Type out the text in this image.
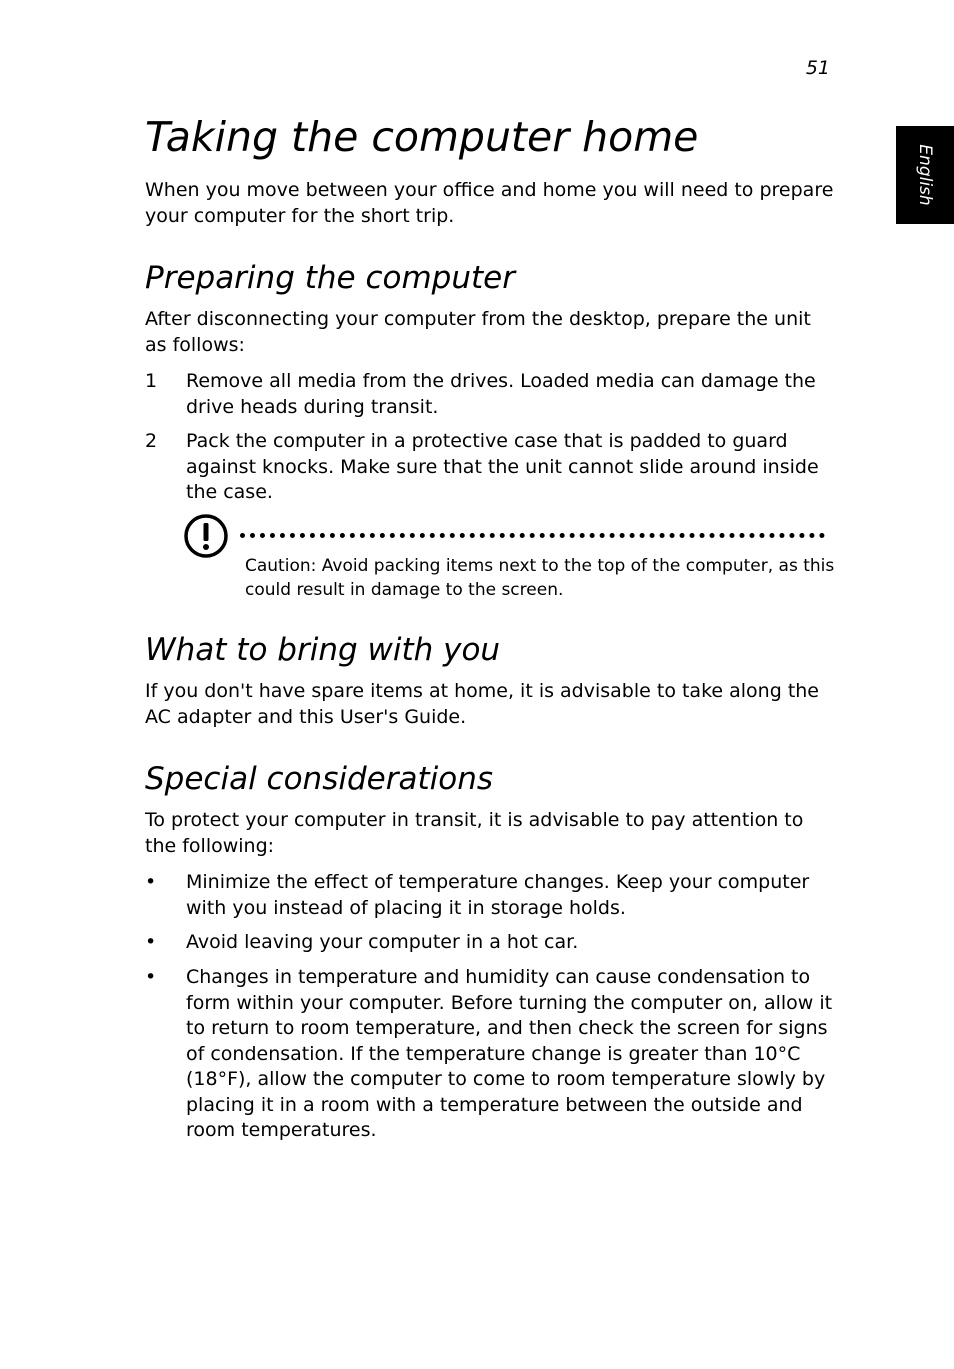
51
English
Taking the computer home

When you move between your office and home you will need to prepare your computer for the short trip.

Preparing the computer

After disconnecting your computer from the desktop, prepare the unit as follows:

1 Remove all media from the drives. Loaded media can damage the drive heads during transit.
2 Pack the computer in a protective case that is padded to guard against knocks. Make sure that the unit cannot slide around inside the case.

Caution: Avoid packing items next to the top of the computer, as this could result in damage to the screen.

What to bring with you

If you don't have spare items at home, it is advisable to take along the AC adapter and this User's Guide.

Special considerations

To protect your computer in transit, it is advisable to pay attention to the following:

• Minimize the effect of temperature changes. Keep your computer with you instead of placing it in storage holds.
• Avoid leaving your computer in a hot car.
• Changes in temperature and humidity can cause condensation to form within your computer. Before turning the computer on, allow it to return to room temperature, and then check the screen for signs of condensation. If the temperature change is greater than 10°C (18°F), allow the computer to come to room temperature slowly by placing it in a room with a temperature between the outside and room temperatures.
